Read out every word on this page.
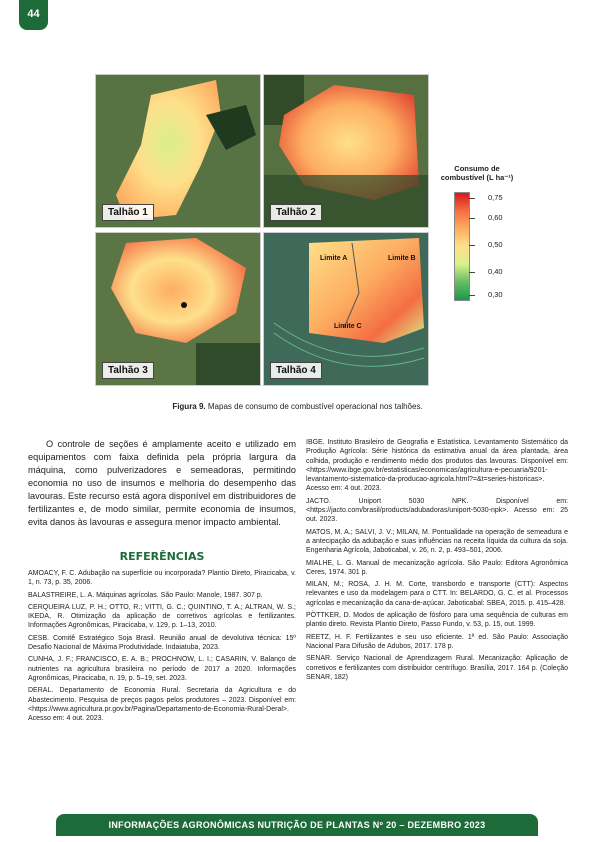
44
Talhão 1	Talhão 2
Talhão 3
Limite A	Limite B
Limite C
Talhão 4
Consumo de
combustível (L ha⁻¹)
0,75
0,60
0,50
0,40
0,30
Figura 9. Mapas de consumo de combustível operacional nos talhões.
O controle de seções é amplamente aceito e utilizado em equipamentos com faixa definida pela própria largura da máquina, como pulverizadores e semeadoras, permitindo economia no uso de insumos e melhoria do desempenho das lavouras. Este recurso está agora disponível em distribuidores de fertilizantes e, de modo similar, permite economia de insumos, evita danos às lavouras e assegura menor impacto ambiental.
REFERÊNCIAS
AMOACY, F. C. Adubação na superfície ou incorporada? Plantio Direto, Piracicaba, v. 1, n. 73, p. 35, 2006.
BALASTREIRE, L. A. Máquinas agrícolas. São Paulo: Manole, 1987. 307 p.
CERQUEIRA LUZ, P. H.; OTTO, R.; VITTI, G. C.; QUINTINO, T. A.; ALTRAN, W. S.; IKEDA, R. Otimização da aplicação de corretivos agrícolas e fertilizantes. Informações Agronômicas, Piracicaba, v. 129, p. 1–13, 2010.
CESB. Comitê Estratégico Soja Brasil. Reunião anual de devolutiva técnica: 15º Desafio Nacional de Máxima Produtividade. Indaiatuba, 2023.
CUNHA, J. F.; FRANCISCO, E. A. B.; PROCHNOW, L. I.; CASARIN, V. Balanço de nutrientes na agricultura brasileira no período de 2017 a 2020. Informações Agronômicas, Piracicaba, n. 19, p. 5–19, set. 2023.
DERAL. Departamento de Economia Rural. Secretaria da Agricultura e do Abastecimento. Pesquisa de preços pagos pelos produtores – 2023. Disponível em: <https://www.agricultura.pr.gov.br/Pagina/Departamento-de-Economia-Rural-Deral>. Acesso em: 4 out. 2023.
IBGE. Instituto Brasileiro de Geografia e Estatística. Levantamento Sistemático da Produção Agrícola: Série histórica da estimativa anual da área plantada, área colhida, produção e rendimento médio dos produtos das lavouras. Disponível em: <https://www.ibge.gov.br/estatisticas/economicas/agricultura-e-pecuaria/9201-levantamento-sistematico-da-producao-agricola.html?=&t=series-historicas>. Acesso em: 4 out. 2023.
JACTO. Uniport 5030 NPK. Disponível em: <https://jacto.com/brasil/products/adubadoras/uniport-5030-npk>. Acesso em: 25 out. 2023.
MATOS, M. A.; SALVI, J. V.; MILAN, M. Pontualidade na operação de semeadura e a antecipação da adubação e suas influências na receita líquida da cultura da soja. Engenharia Agrícola, Jaboticabal, v. 26, n. 2, p. 493–501, 2006.
MIALHE, L. G. Manual de mecanização agrícola. São Paulo: Editora Agronômica Ceres, 1974. 301 p.
MILAN, M.; ROSA, J. H. M. Corte, transbordo e transporte (CTT): Aspectos relevantes e uso da modelagem para o CTT. In: BELARDO, G. C. et al. Processos agrícolas e mecanização da cana-de-açúcar. Jaboticabal: SBEA, 2015. p. 415–428.
PÖTTKER, D. Modos de aplicação de fósforo para uma sequência de culturas em plantio direto. Revista Plantio Direto, Passo Fundo, v. 53, p. 15, out. 1999.
REETZ, H. F. Fertilizantes e seu uso eficiente. 1ª ed. São Paulo: Associação Nacional Para Difusão de Adubos, 2017. 178 p.
SENAR. Serviço Nacional de Aprendizagem Rural. Mecanização: Aplicação de corretivos e fertilizantes com distribuidor centrífugo. Brasília, 2017. 164 p. (Coleção SENAR, 182)
INFORMAÇÕES AGRONÔMICAS NUTRIÇÃO DE PLANTAS Nº 20 – DEZEMBRO 2023
